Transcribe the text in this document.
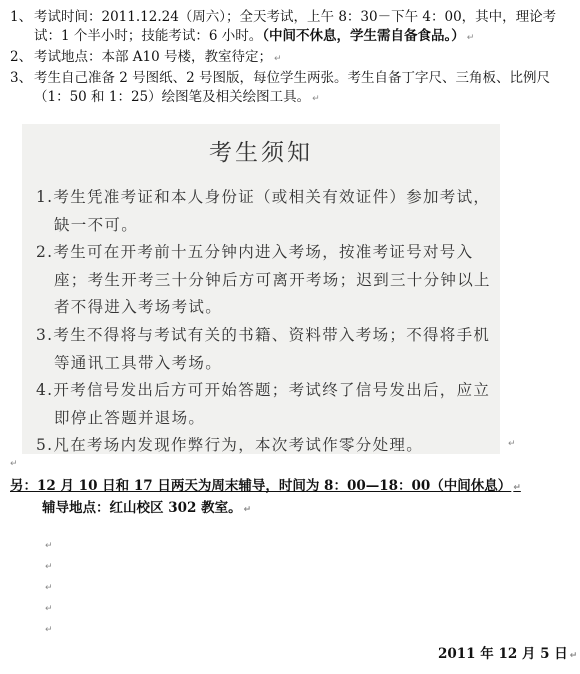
1、 考试时间：2011.12.24（周六）；全天考试，上午 8：30－下午 4：00，其中，理论考试：1 个半小时；技能考试：6 小时。（中间不休息，学生需自备食品。） ↵
2、 考试地点：本部 A10 号楼，教室待定； ↵
3、 考生自己准备 2 号图纸、2 号图版，每位学生两张。考生自备丁字尺、三角板、比例尺（1：50 和 1：25）绘图笔及相关绘图工具。 ↵
考生须知
1.考生凭准考证和本人身份证（或相关有效证件）参加考试，缺一不可。
2.考生可在开考前十五分钟内进入考场，按准考证号对号入座；考生开考三十分钟后方可离开考场；迟到三十分钟以上者不得进入考场考试。
3.考生不得将与考试有关的书籍、资料带入考场；不得将手机等通讯工具带入考场。
4.开考信号发出后方可开始答题；考试终了信号发出后，应立即停止答题并退场。
5.凡在考场内发现作弊行为，本次考试作零分处理。	↵
↵
另：12 月 10 日和 17 日两天为周末辅导，时间为 8：00—18：00（中间休息） ↵
辅导地点：红山校区 302 教室。 ↵
↵
↵
↵
↵
↵
2011 年 12 月 5 日 ↵
